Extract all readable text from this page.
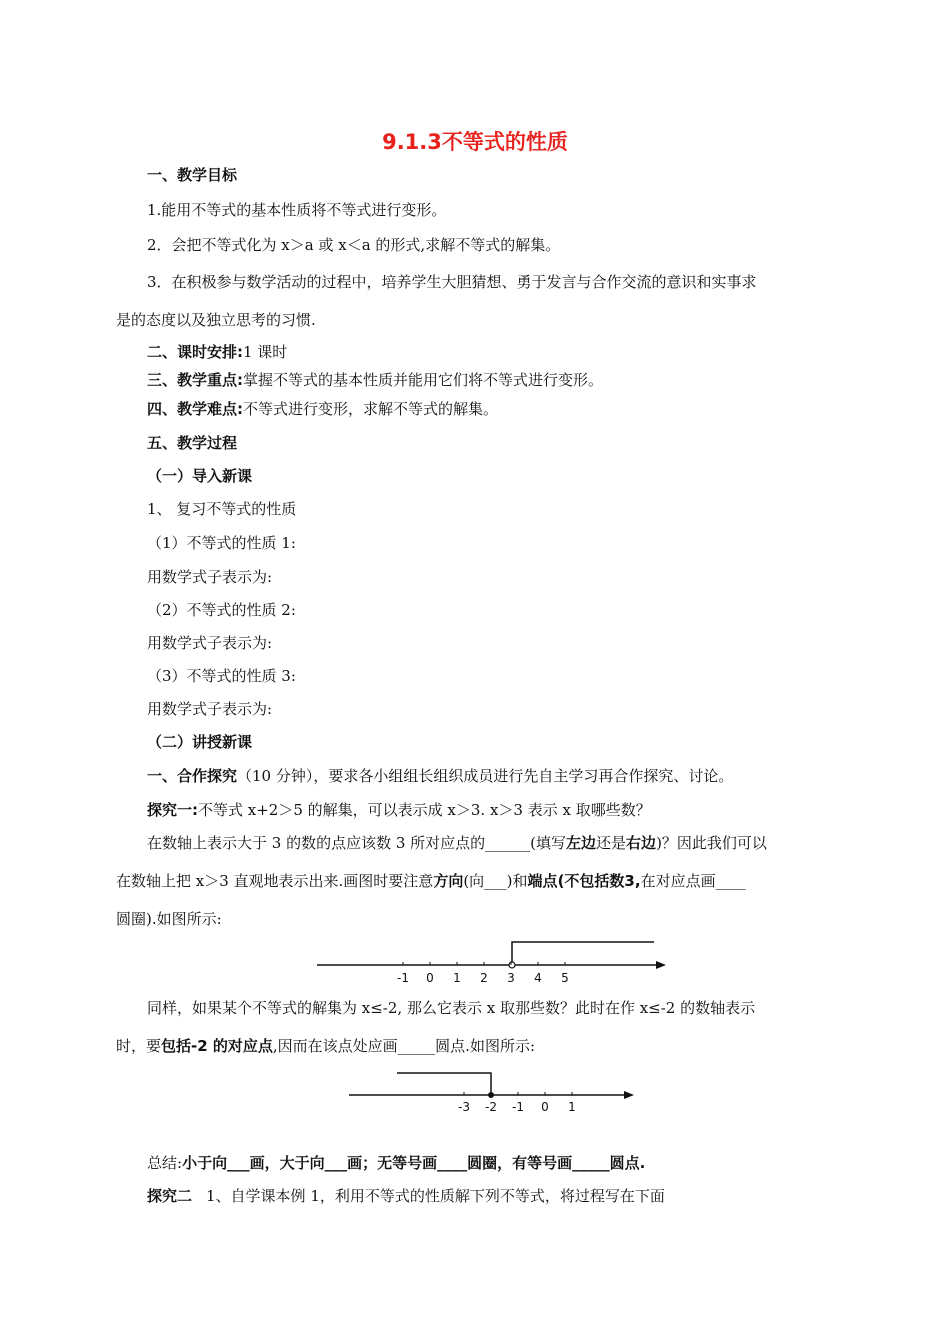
9.1.3不等式的性质
一、教学目标
1.能用不等式的基本性质将不等式进行变形。
2．会把不等式化为 x＞a 或 x＜a 的形式,求解不等式的解集。
3．在积极参与数学活动的过程中，培养学生大胆猜想、勇于发言与合作交流的意识和实事求
是的态度以及独立思考的习惯.
二、课时安排:1 课时
三、教学重点:掌握不等式的基本性质并能用它们将不等式进行变形。
四、教学难点:不等式进行变形，求解不等式的解集。
五、教学过程
（一）导入新课
1、 复习不等式的性质
（1）不等式的性质 1:
用数学式子表示为:
（2）不等式的性质 2:
用数学式子表示为:
（3）不等式的性质 3:
用数学式子表示为:
（二）讲授新课
一、合作探究（10 分钟），要求各小组组长组织成员进行先自主学习再合作探究、讨论。
探究一:不等式 x+2＞5 的解集，可以表示成 x＞3. x＞3 表示 x 取哪些数？
在数轴上表示大于 3 的数的点应该数 3 所对应点的______(填写左边还是右边)？因此我们可以
在数轴上把 x＞3 直观地表示出来.画图时要注意方向(向___)和端点(不包括数3,在对应点画____
圆圈).如图所示:
-1 0 1 2 3 4 5
同样，如果某个不等式的解集为 x≤-2, 那么它表示 x 取那些数？此时在作 x≤-2 的数轴表示
时，要包括-2 的对应点,因而在该点处应画_____圆点.如图所示:
-3 -2 -1 0 1
总结:小于向___画，大于向___画；无等号画____圆圈，有等号画_____圆点.
探究二 1、自学课本例 1，利用不等式的性质解下列不等式，将过程写在下面
